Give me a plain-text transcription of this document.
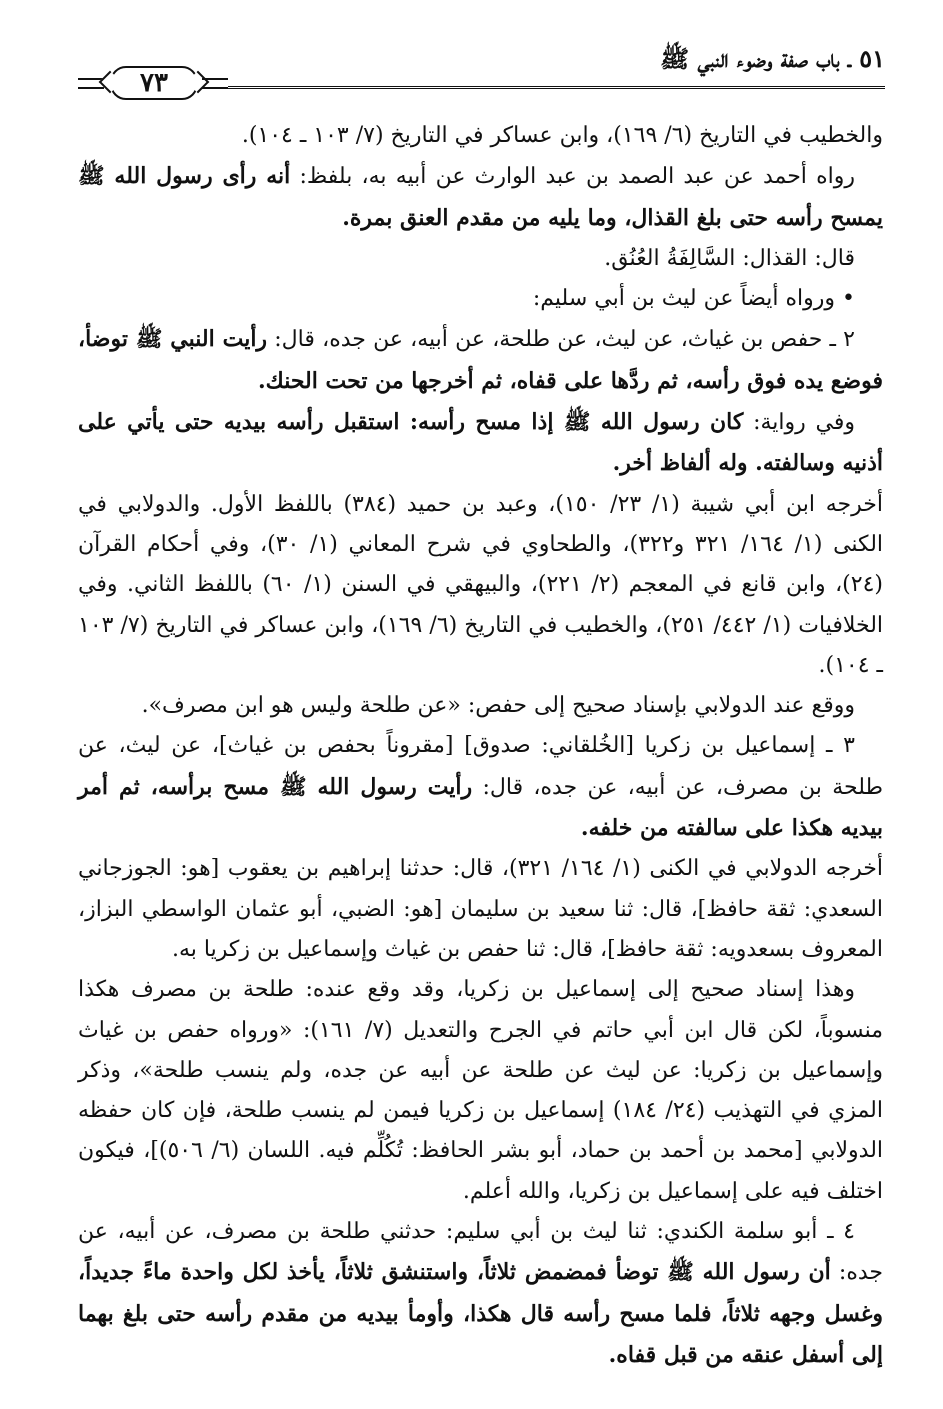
٥١ ـ باب صفة وضوء النبي ﷺ
٧٣

والخطيب في التاريخ (٦/ ١٦٩)، وابن عساكر في التاريخ (٧/ ١٠٣ ـ ١٠٤).

رواه أحمد عن عبد الصمد بن عبد الوارث عن أبيه به، بلفظ: أنه رأى رسول الله ﷺ يمسح رأسه حتى بلغ القذال، وما يليه من مقدم العنق بمرة.

قال: القذال: السَّالِفَةُ العُنُق.

• ورواه أيضاً عن ليث بن أبي سليم:

٢ ـ حفص بن غياث، عن ليث، عن طلحة، عن أبيه، عن جده، قال: رأيت النبي ﷺ توضأ، فوضع يده فوق رأسه، ثم ردَّها على قفاه، ثم أخرجها من تحت الحنك.

وفي رواية: كان رسول الله ﷺ إذا مسح رأسه: استقبل رأسه بيديه حتى يأتي على أذنيه وسالفته. وله ألفاظ أخر.

أخرجه ابن أبي شيبة (١/ ٢٣/ ١٥٠)، وعبد بن حميد (٣٨٤) باللفظ الأول. والدولابي في الكنى (١/ ١٦٤/ ٣٢١ و٣٢٢)، والطحاوي في شرح المعاني (١/ ٣٠)، وفي أحكام القرآن (٢٤)، وابن قانع في المعجم (٢/ ٢٢١)، والبيهقي في السنن (١/ ٦٠) باللفظ الثاني. وفي الخلافيات (١/ ٤٤٢/ ٢٥١)، والخطيب في التاريخ (٦/ ١٦٩)، وابن عساكر في التاريخ (٧/ ١٠٣ ـ ١٠٤).

ووقع عند الدولابي بإسناد صحيح إلى حفص: «عن طلحة وليس هو ابن مصرف».

٣ ـ إسماعيل بن زكريا [الخُلقاني: صدوق] [مقروناً بحفص بن غياث]، عن ليث، عن طلحة بن مصرف، عن أبيه، عن جده، قال: رأيت رسول الله ﷺ مسح برأسه، ثم أمر بيديه هكذا على سالفته من خلفه.

أخرجه الدولابي في الكنى (١/ ١٦٤/ ٣٢١)، قال: حدثنا إبراهيم بن يعقوب [هو: الجوزجاني السعدي: ثقة حافظ]، قال: ثنا سعيد بن سليمان [هو: الضبي، أبو عثمان الواسطي البزاز، المعروف بسعدويه: ثقة حافظ]، قال: ثنا حفص بن غياث وإسماعيل بن زكريا به.

وهذا إسناد صحيح إلى إسماعيل بن زكريا، وقد وقع عنده: طلحة بن مصرف هكذا منسوباً، لكن قال ابن أبي حاتم في الجرح والتعديل (٧/ ١٦١): «ورواه حفص بن غياث وإسماعيل بن زكريا: عن ليث عن طلحة عن أبيه عن جده، ولم ينسب طلحة»، وذكر المزي في التهذيب (٢٤/ ١٨٤) إسماعيل بن زكريا فيمن لم ينسب طلحة، فإن كان حفظه الدولابي [محمد بن أحمد بن حماد، أبو بشر الحافظ: تُكُلِّم فيه. اللسان (٦/ ٥٠٦)]، فيكون اختلف فيه على إسماعيل بن زكريا، والله أعلم.

٤ ـ أبو سلمة الكندي: ثنا ليث بن أبي سليم: حدثني طلحة بن مصرف، عن أبيه، عن جده: أن رسول الله ﷺ توضأ فمضمض ثلاثاً، واستنشق ثلاثاً، يأخذ لكل واحدة ماءً جديداً، وغسل وجهه ثلاثاً، فلما مسح رأسه قال هكذا، وأومأ بيديه من مقدم رأسه حتى بلغ بهما إلى أسفل عنقه من قبل قفاه.
